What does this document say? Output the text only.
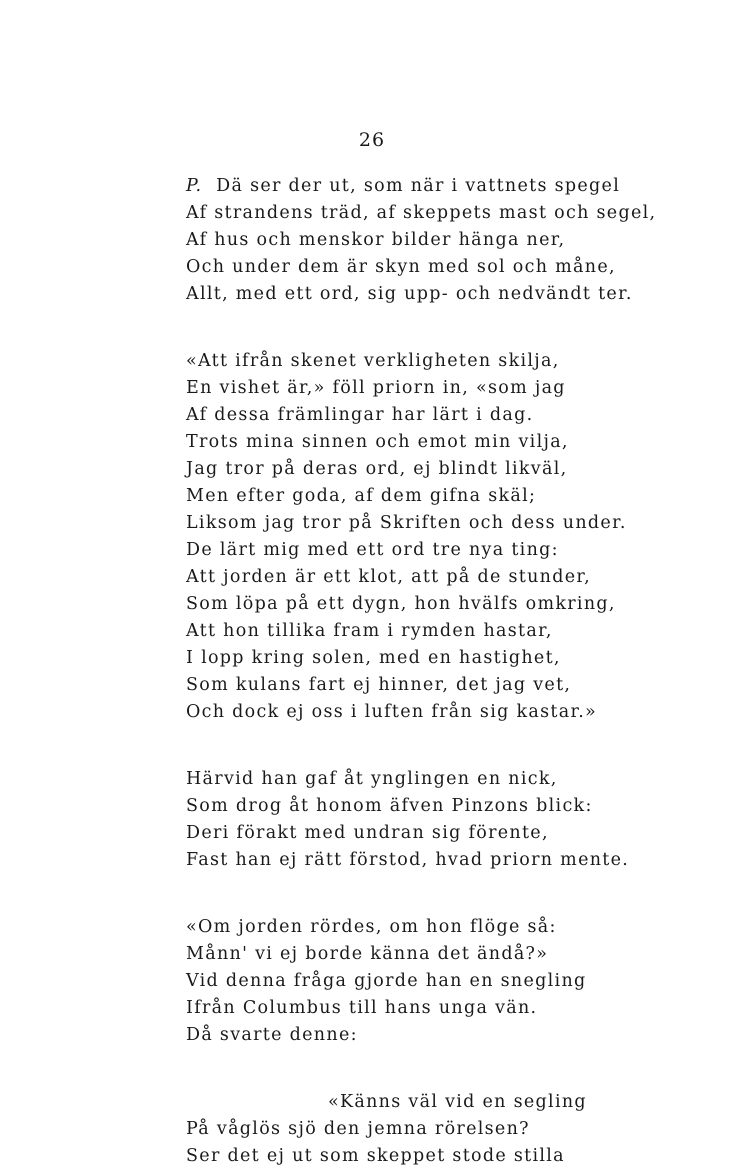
26
P. Dä ser der ut, som när i vattnets spegel
Af strandens träd, af skeppets mast och segel,
Af hus och menskor bilder hänga ner,
Och under dem är skyn med sol och måne,
Allt, med ett ord, sig upp- och nedvändt ter.
«Att ifrån skenet verkligheten skilja,
En vishet är,» föll priorn in, «som jag
Af dessa främlingar har lärt i dag.
Trots mina sinnen och emot min vilja,
Jag tror på deras ord, ej blindt likväl,
Men efter goda, af dem gifna skäl;
Liksom jag tror på Skriften och dess under.
De lärt mig med ett ord tre nya ting:
Att jorden är ett klot, att på de stunder,
Som löpa på ett dygn, hon hvälfs omkring,
Att hon tillika fram i rymden hastar,
I lopp kring solen, med en hastighet,
Som kulans fart ej hinner, det jag vet,
Och dock ej oss i luften från sig kastar.»
Härvid han gaf åt ynglingen en nick,
Som drog åt honom äfven Pinzons blick:
Deri förakt med undran sig förente,
Fast han ej rätt förstod, hvad priorn mente.
«Om jorden rördes, om hon flöge så:
Månn' vi ej borde känna det ändå?»
Vid denna fråga gjorde han en snegling
Ifrån Columbus till hans unga vän.
Då svarte denne:
«Känns väl vid en segling
På våglös sjö den jemna rörelsen?
Ser det ej ut som skeppet stode stilla
